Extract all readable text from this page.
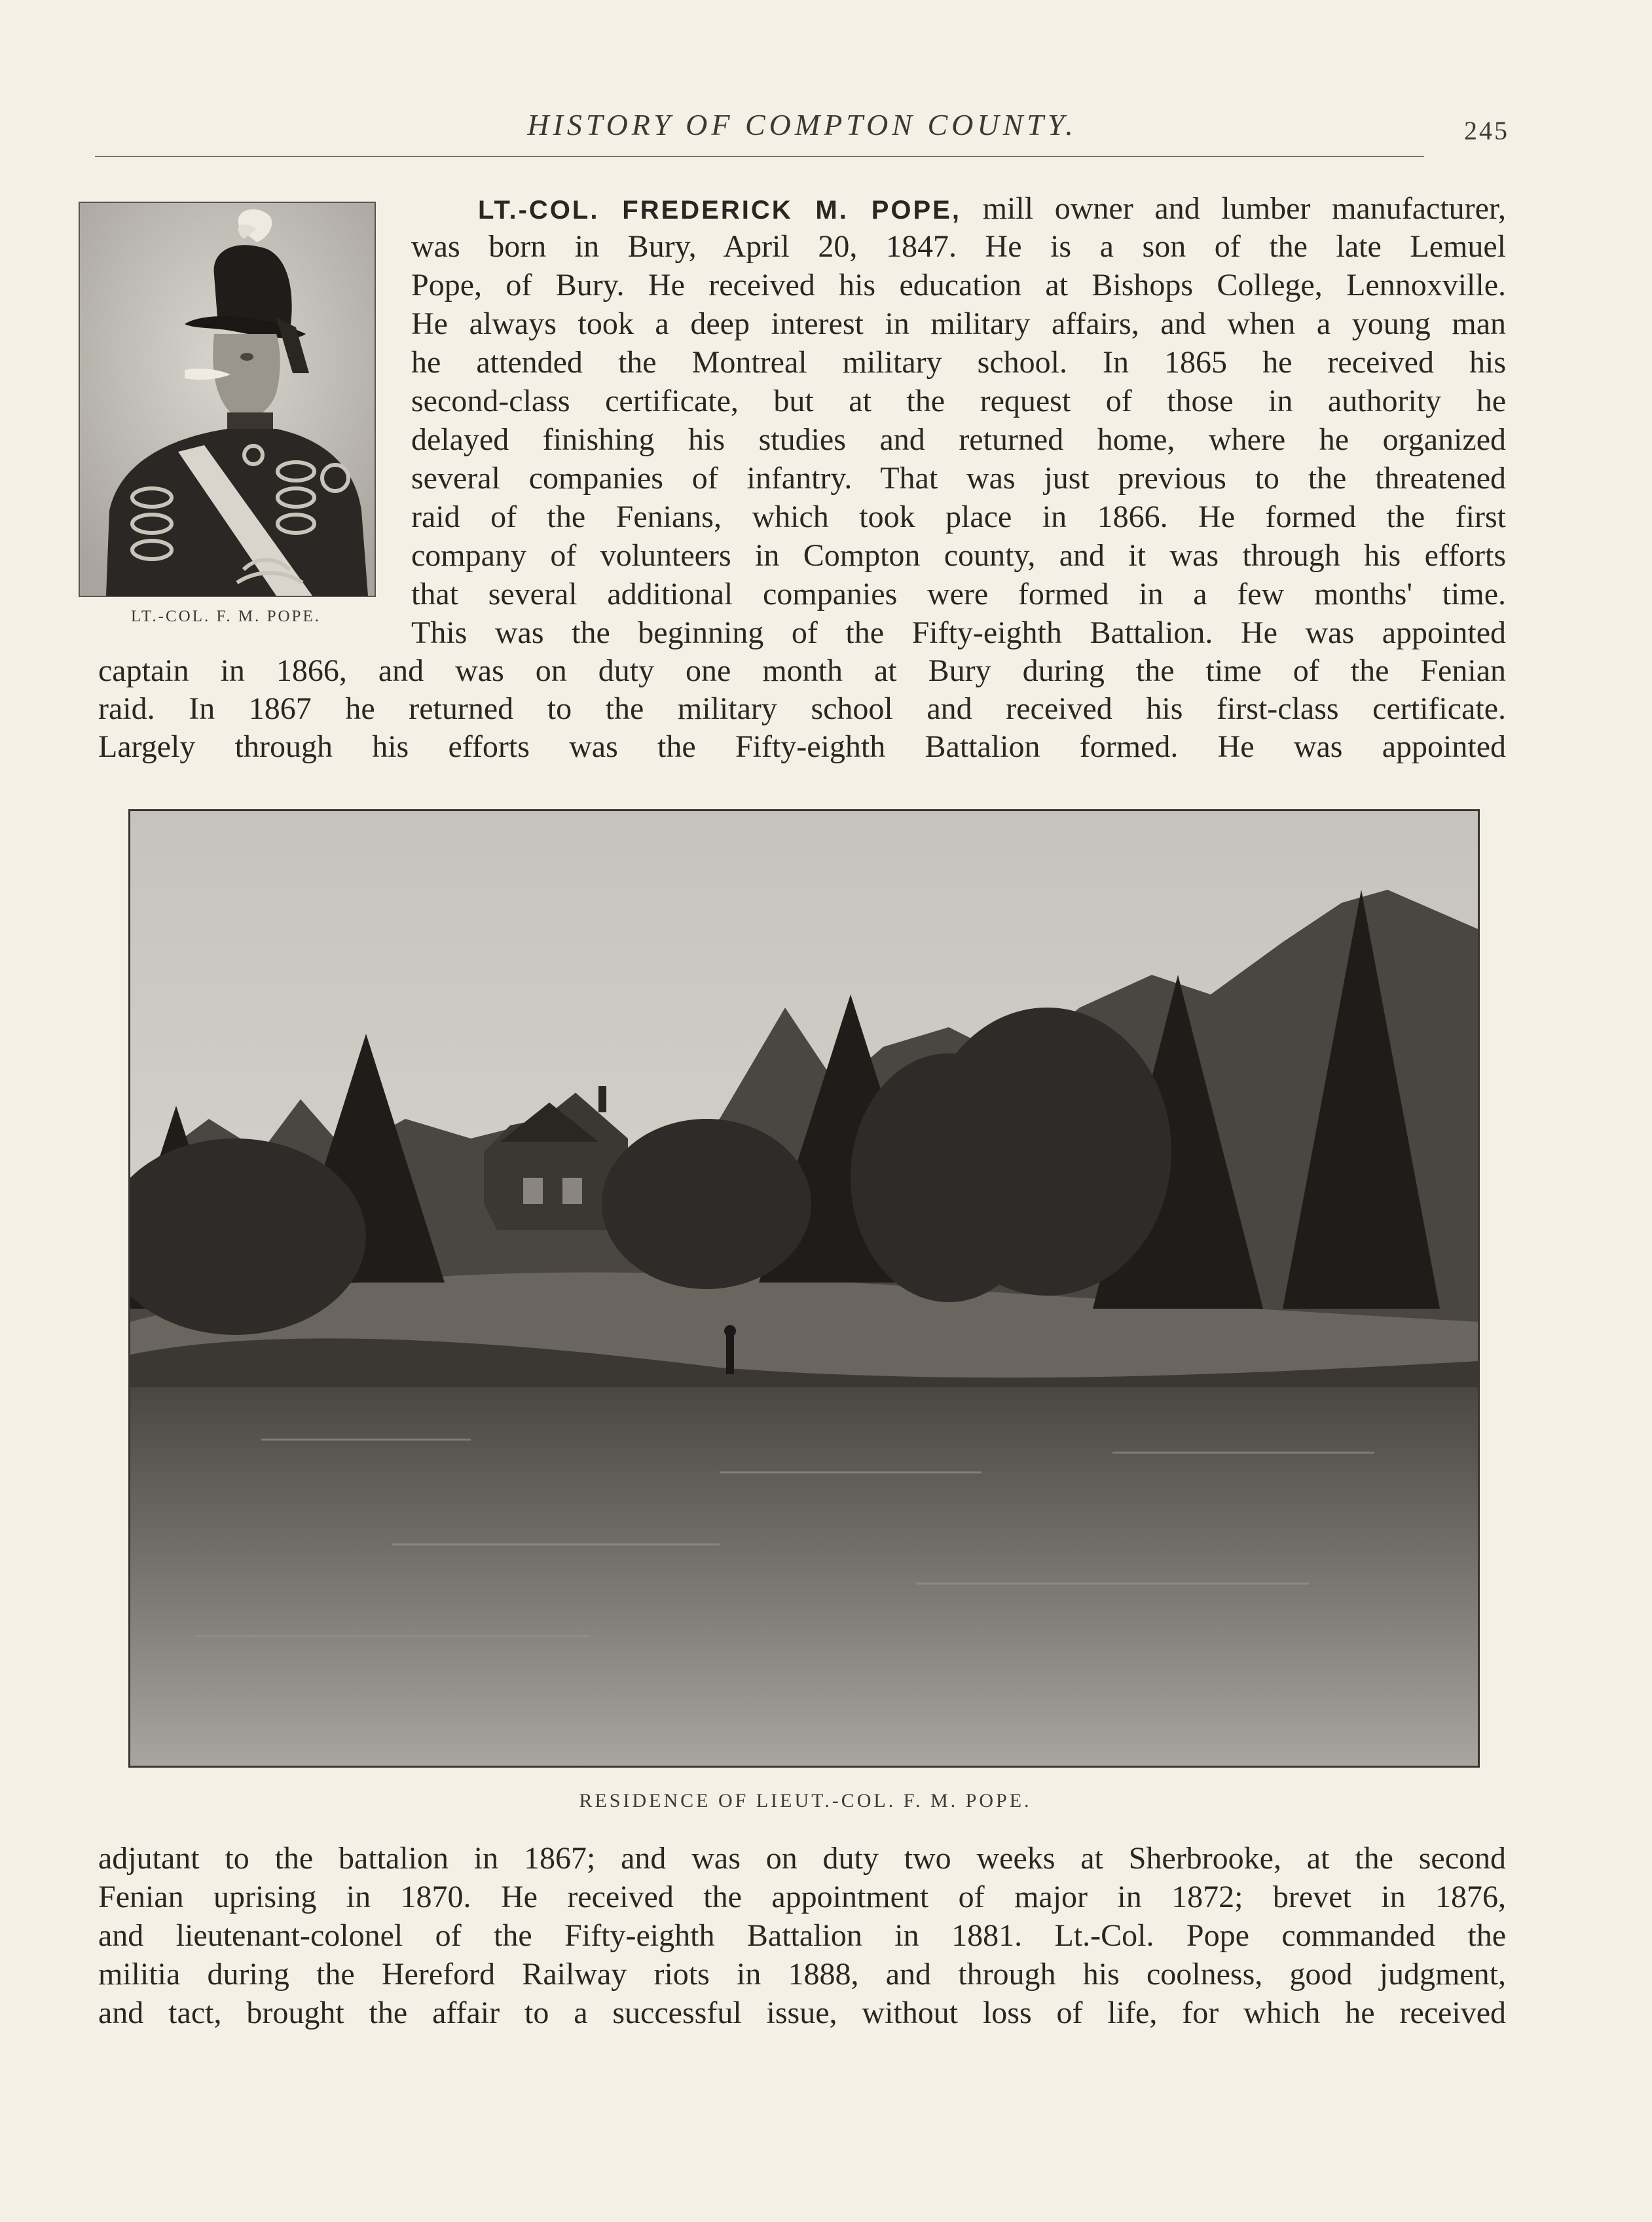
HISTORY OF COMPTON COUNTY.	245
LT.-COL. F. M. POPE.
LT.-COL. FREDERICK M. POPE, mill owner and lumber manufacturer,
was born in Bury, April 20, 1847. He is a son of the late Lemuel
Pope, of Bury. He received his education at Bishops College, Lennoxville.
He always took a deep interest in military affairs, and when a young man
he attended the Montreal military school. In 1865 he received his
second-class certificate, but at the request of those in authority he
delayed finishing his studies and returned home, where he organized
several companies of infantry. That was just previous to the threatened
raid of the Fenians, which took place in 1866. He formed the first
company of volunteers in Compton county, and it was through his efforts
that several additional companies were formed in a few months' time.
This was the beginning of the Fifty-eighth Battalion. He was appointed
captain in 1866, and was on duty one month at Bury during the time of the Fenian
raid. In 1867 he returned to the military school and received his first-class certificate.
Largely through his efforts was the Fifty-eighth Battalion formed. He was appointed
RESIDENCE OF LIEUT.-COL. F. M. POPE.
adjutant to the battalion in 1867; and was on duty two weeks at Sherbrooke, at the second
Fenian uprising in 1870. He received the appointment of major in 1872; brevet in 1876,
and lieutenant-colonel of the Fifty-eighth Battalion in 1881. Lt.-Col. Pope commanded the
militia during the Hereford Railway riots in 1888, and through his coolness, good judgment,
and tact, brought the affair to a successful issue, without loss of life, for which he received
